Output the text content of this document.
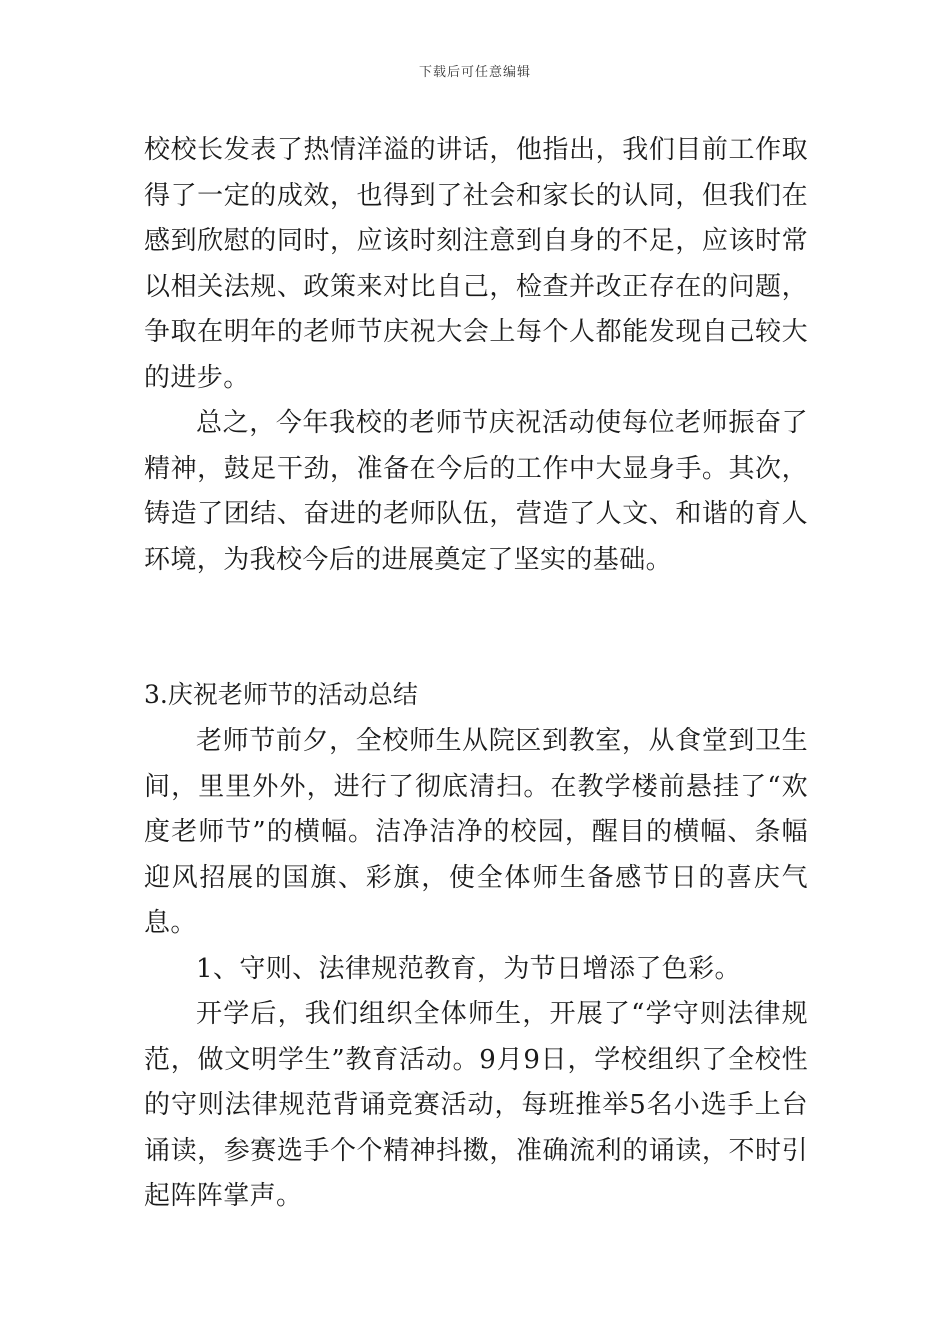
下载后可任意编辑

校校长发表了热情洋溢的讲话，他指出，我们目前工作取得了一定的成效，也得到了社会和家长的认同，但我们在感到欣慰的同时，应该时刻注意到自身的不足，应该时常以相关法规、政策来对比自己，检查并改正存在的问题，争取在明年的老师节庆祝大会上每个人都能发现自己较大的进步。

总之，今年我校的老师节庆祝活动使每位老师振奋了精神，鼓足干劲，准备在今后的工作中大显身手。其次，铸造了团结、奋进的老师队伍，营造了人文、和谐的育人环境，为我校今后的进展奠定了坚实的基础。

3.庆祝老师节的活动总结

老师节前夕，全校师生从院区到教室，从食堂到卫生间，里里外外，进行了彻底清扫。在教学楼前悬挂了“欢度老师节”的横幅。洁净洁净的校园，醒目的横幅、条幅迎风招展的国旗、彩旗，使全体师生备感节日的喜庆气息。

1、守则、法律规范教育，为节日增添了色彩。

开学后，我们组织全体师生，开展了“学守则法律规范，做文明学生”教育活动。9月9日，学校组织了全校性的守则法律规范背诵竞赛活动，每班推举5名小选手上台诵读，参赛选手个个精神抖擞，准确流利的诵读，不时引起阵阵掌声。
